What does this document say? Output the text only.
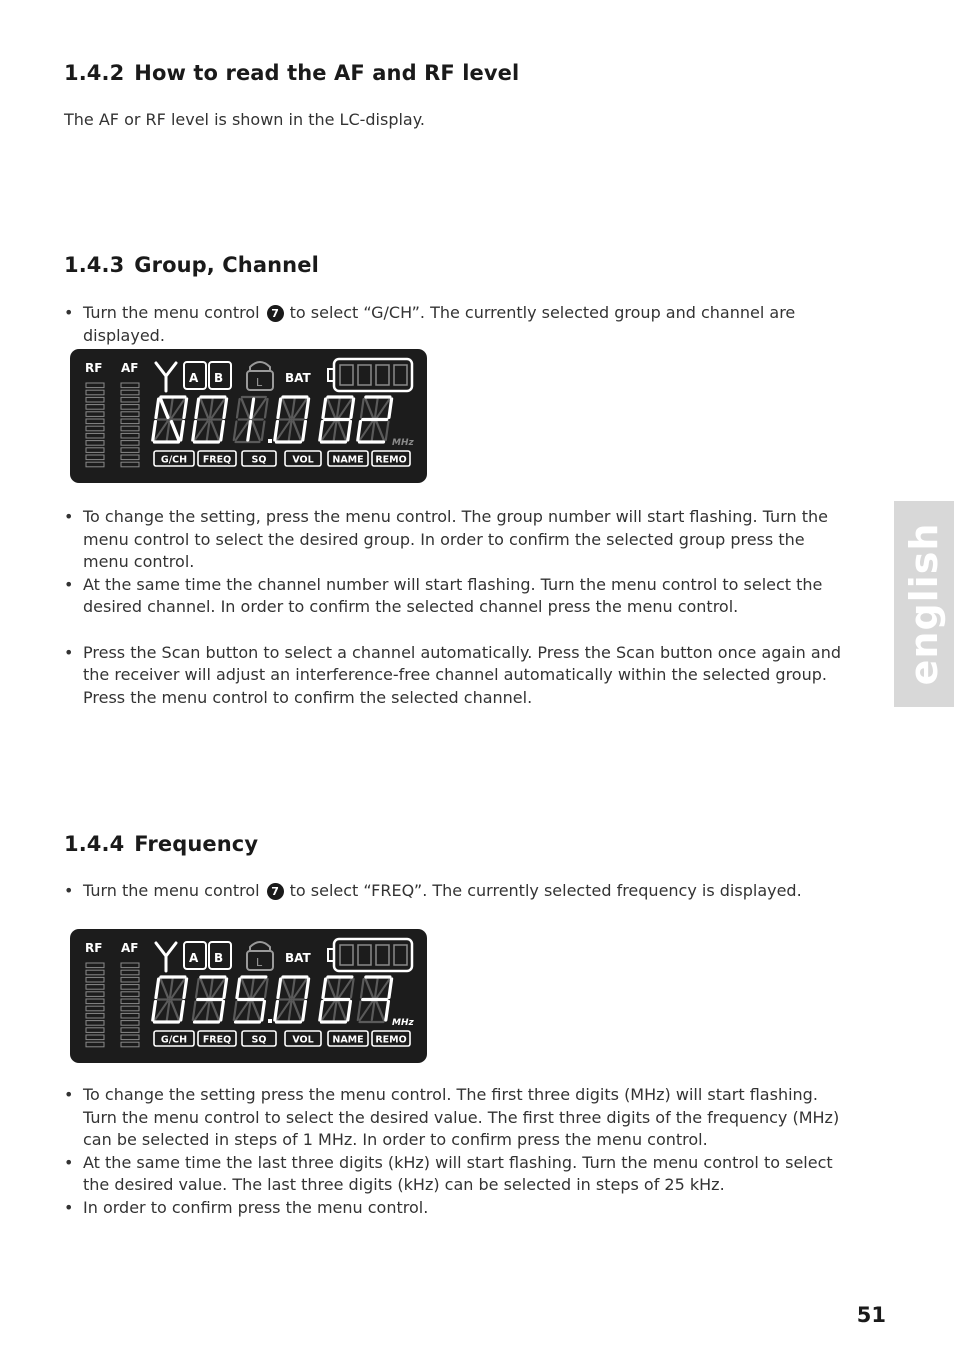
1.4.2 How to read the AF and RF level

The AF or RF level is shown in the LC-display.

1.4.3 Group, Channel
• Turn the menu control 7 to select “G/CH”. The currently selected group and channel are displayed.
RF AF
A B	L BAT
MHz
G/CH FREQ SQ	VOL NAME REMO
• To change the setting, press the menu control. The group number will start flashing. Turn the menu control to select the desired group. In order to confirm the selected group press the menu control.
• At the same time the channel number will start flashing. Turn the menu control to select the desired channel. In order to confirm the selected channel press the menu control.
• Press the Scan button to select a channel automatically. Press the Scan button once again and the receiver will adjust an interference-free channel automatically within the selected group. Press the menu control to confirm the selected channel.
1.4.4 Frequency
• Turn the menu control 7 to select “FREQ”. The currently selected frequency is displayed.
RF AF
A B	L BAT
MHz
G/CH FREQ SQ	VOL NAME REMO
• To change the setting press the menu control. The first three digits (MHz) will start flashing. Turn the menu control to select the desired value. The first three digits of the frequency (MHz) can be selected in steps of 1 MHz. In order to confirm press the menu control.
• At the same time the last three digits (kHz) will start flashing. Turn the menu control to select the desired value. The last three digits (kHz) can be selected in steps of 25 kHz.
• In order to confirm press the menu control.
english
51
